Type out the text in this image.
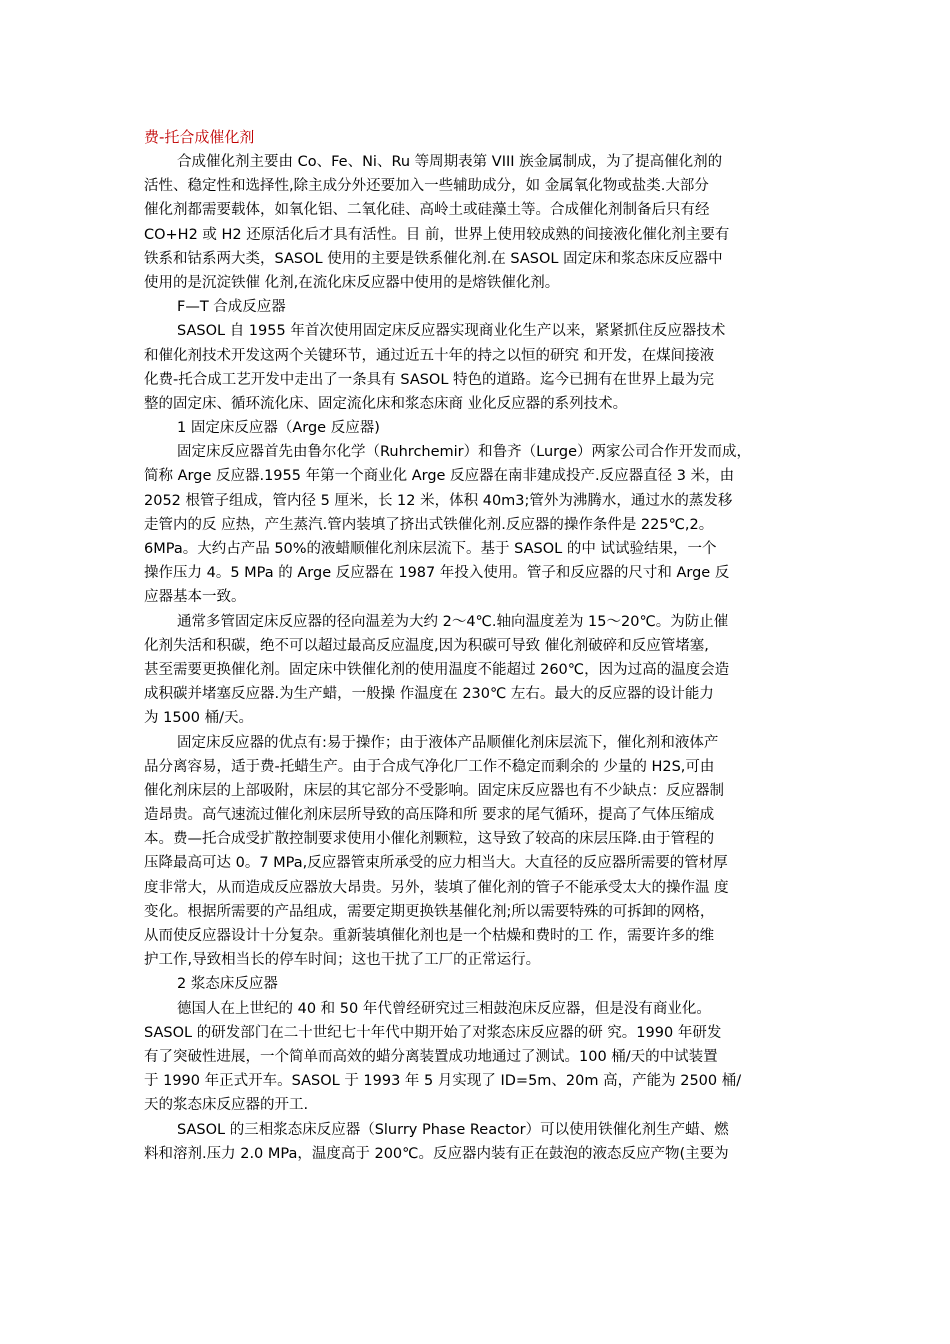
费-托合成催化剂
合成催化剂主要由 Co、Fe、Ni、Ru 等周期表第 VIII 族金属制成，为了提高催化剂的
活性、稳定性和选择性,除主成分外还要加入一些辅助成分，如 金属氧化物或盐类.大部分
催化剂都需要载体，如氧化铝、二氧化硅、高岭土或硅藻土等。合成催化剂制备后只有经
CO+H2 或 H2 还原活化后才具有活性。目 前，世界上使用较成熟的间接液化催化剂主要有
铁系和钴系两大类，SASOL 使用的主要是铁系催化剂.在 SASOL 固定床和浆态床反应器中
使用的是沉淀铁催 化剂,在流化床反应器中使用的是熔铁催化剂。
F—T 合成反应器
SASOL 自 1955 年首次使用固定床反应器实现商业化生产以来，紧紧抓住反应器技术
和催化剂技术开发这两个关键环节，通过近五十年的持之以恒的研究 和开发，在煤间接液
化费-托合成工艺开发中走出了一条具有 SASOL 特色的道路。迄今已拥有在世界上最为完
整的固定床、循环流化床、固定流化床和浆态床商 业化反应器的系列技术。
1 固定床反应器（Arge 反应器)
固定床反应器首先由鲁尔化学（Ruhrchemir）和鲁齐（Lurge）两家公司合作开发而成，
简称 Arge 反应器.1955 年第一个商业化 Arge 反应器在南非建成投产.反应器直径 3 米，由
2052 根管子组成，管内径 5 厘米，长 12 米，体积 40m3;管外为沸腾水，通过水的蒸发移
走管内的反 应热，产生蒸汽.管内装填了挤出式铁催化剂.反应器的操作条件是 225℃,2。
6MPa。大约占产品 50%的液蜡顺催化剂床层流下。基于 SASOL 的中 试试验结果，一个
操作压力 4。5 MPa 的 Arge 反应器在 1987 年投入使用。管子和反应器的尺寸和 Arge 反
应器基本一致。
通常多管固定床反应器的径向温差为大约 2～4℃.轴向温度差为 15～20℃。为防止催
化剂失活和积碳，绝不可以超过最高反应温度,因为积碳可导致 催化剂破碎和反应管堵塞,
甚至需要更换催化剂。固定床中铁催化剂的使用温度不能超过 260℃，因为过高的温度会造
成积碳并堵塞反应器.为生产蜡，一般操 作温度在 230℃ 左右。最大的反应器的设计能力
为 1500 桶/天。
固定床反应器的优点有:易于操作；由于液体产品顺催化剂床层流下，催化剂和液体产
品分离容易，适于费-托蜡生产。由于合成气净化厂工作不稳定而剩余的 少量的 H2S,可由
催化剂床层的上部吸附，床层的其它部分不受影响。固定床反应器也有不少缺点：反应器制
造昂贵。高气速流过催化剂床层所导致的高压降和所 要求的尾气循环，提高了气体压缩成
本。费—托合成受扩散控制要求使用小催化剂颗粒，这导致了较高的床层压降.由于管程的
压降最高可达 0。7 MPa,反应器管束所承受的应力相当大。大直径的反应器所需要的管材厚
度非常大，从而造成反应器放大昂贵。另外，装填了催化剂的管子不能承受太大的操作温 度
变化。根据所需要的产品组成，需要定期更换铁基催化剂;所以需要特殊的可拆卸的网格，
从而使反应器设计十分复杂。重新装填催化剂也是一个枯燥和费时的工 作，需要许多的维
护工作,导致相当长的停车时间；这也干扰了工厂的正常运行。
2 浆态床反应器
德国人在上世纪的 40 和 50 年代曾经研究过三相鼓泡床反应器，但是没有商业化。
SASOL 的研发部门在二十世纪七十年代中期开始了对浆态床反应器的研 究。1990 年研发
有了突破性进展，一个简单而高效的蜡分离装置成功地通过了测试。100 桶/天的中试装置
于 1990 年正式开车。SASOL 于 1993 年 5 月实现了 ID=5m、20m 高，产能为 2500 桶/
天的浆态床反应器的开工.
SASOL 的三相浆态床反应器（Slurry Phase Reactor）可以使用铁催化剂生产蜡、燃
料和溶剂.压力 2.0 MPa，温度高于 200℃。反应器内装有正在鼓泡的液态反应产物(主要为
